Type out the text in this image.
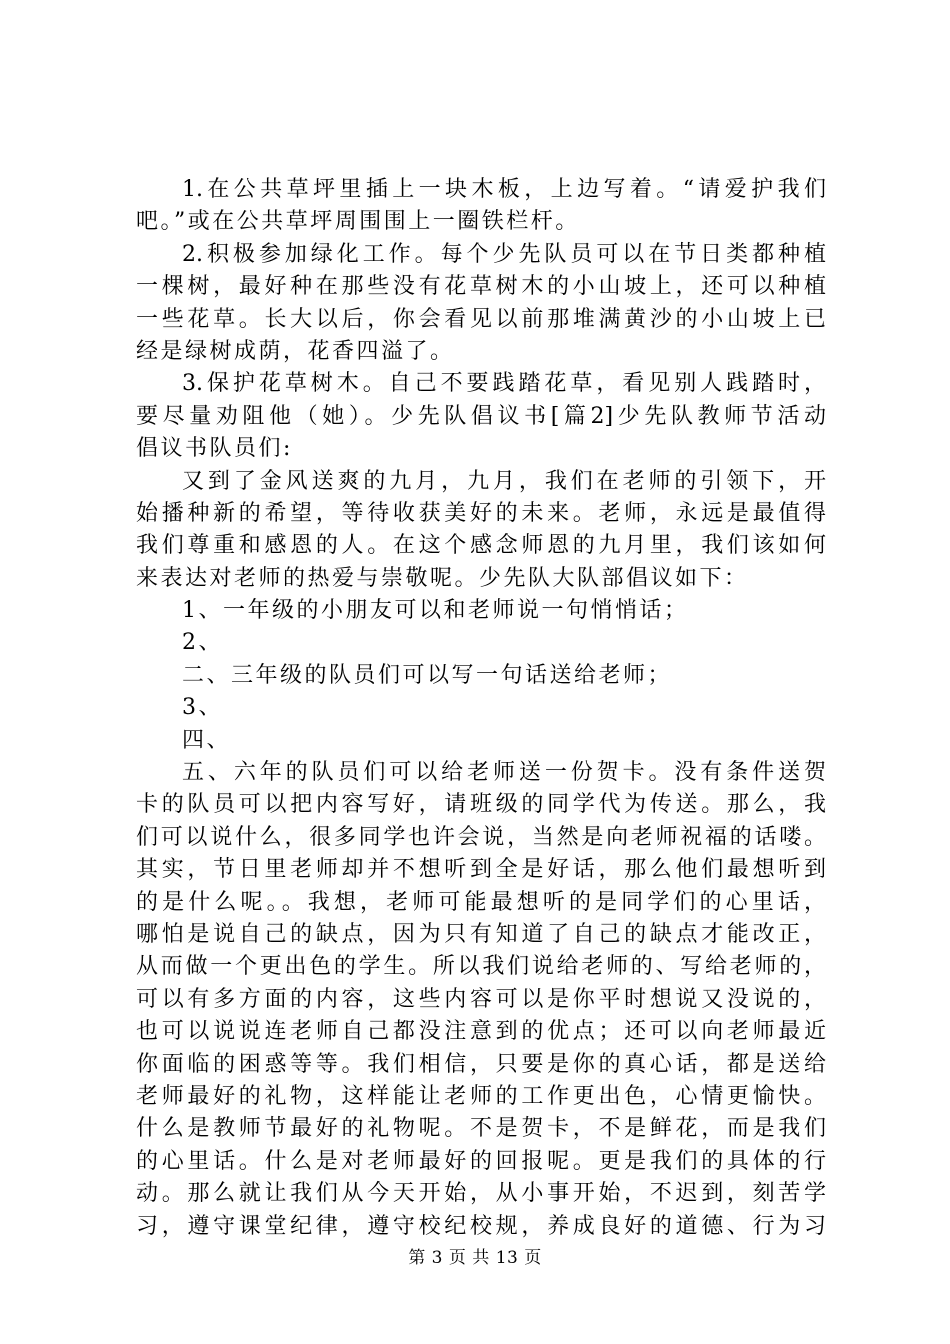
1.在公共草坪里插上一块木板，上边写着。“请爱护我们
吧。”或在公共草坪周围围上一圈铁栏杆。
2.积极参加绿化工作。每个少先队员可以在节日类都种植
一棵树，最好种在那些没有花草树木的小山坡上，还可以种植
一些花草。长大以后，你会看见以前那堆满黄沙的小山坡上已
经是绿树成荫，花香四溢了。
3.保护花草树木。自己不要践踏花草，看见别人践踏时，
要尽量劝阻他（她）。少先队倡议书[篇2]少先队教师节活动
倡议书队员们:
又到了金风送爽的九月，九月，我们在老师的引领下，开
始播种新的希望，等待收获美好的未来。老师，永远是最值得
我们尊重和感恩的人。在这个感念师恩的九月里，我们该如何
来表达对老师的热爱与崇敬呢。少先队大队部倡议如下：
1、一年级的小朋友可以和老师说一句悄悄话；
2、
二、三年级的队员们可以写一句话送给老师；
3、
四、
五、六年的队员们可以给老师送一份贺卡。没有条件送贺
卡的队员可以把内容写好，请班级的同学代为传送。那么，我
们可以说什么，很多同学也许会说，当然是向老师祝福的话喽。
其实，节日里老师却并不想听到全是好话，那么他们最想听到
的是什么呢。。我想，老师可能最想听的是同学们的心里话，
哪怕是说自己的缺点，因为只有知道了自己的缺点才能改正，
从而做一个更出色的学生。所以我们说给老师的、写给老师的，
可以有多方面的内容，这些内容可以是你平时想说又没说的，
也可以说说连老师自己都没注意到的优点；还可以向老师最近
你面临的困惑等等。我们相信，只要是你的真心话，都是送给
老师最好的礼物，这样能让老师的工作更出色，心情更愉快。
什么是教师节最好的礼物呢。不是贺卡，不是鲜花，而是我们
的心里话。什么是对老师最好的回报呢。更是我们的具体的行
动。那么就让我们从今天开始，从小事开始，不迟到，刻苦学
习，遵守课堂纪律，遵守校纪校规，养成良好的道德、行为习
第 3 页 共 13 页
